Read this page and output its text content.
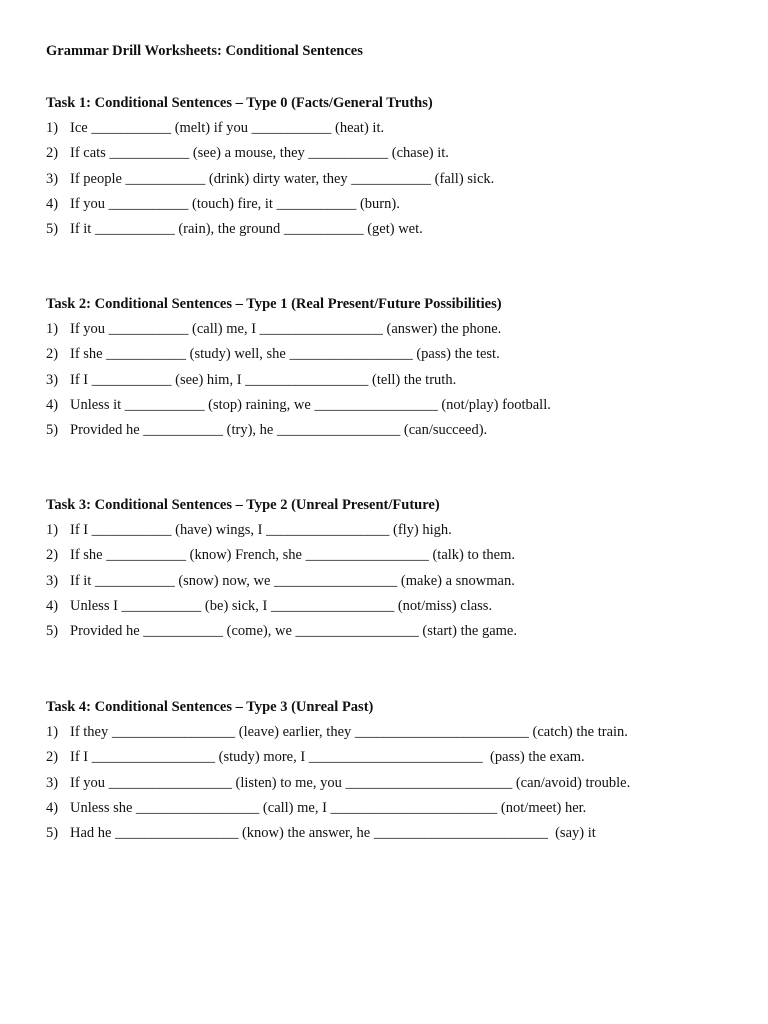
Grammar Drill Worksheets: Conditional Sentences
Task 1: Conditional Sentences – Type 0 (Facts/General Truths)
1) Ice ___________ (melt) if you ___________ (heat) it.
2) If cats ___________ (see) a mouse, they ___________ (chase) it.
3) If people ___________ (drink) dirty water, they ___________ (fall) sick.
4) If you ___________ (touch) fire, it ___________ (burn).
5) If it ___________ (rain), the ground ___________ (get) wet.
Task 2: Conditional Sentences – Type 1 (Real Present/Future Possibilities)
1) If you ___________ (call) me, I _________________ (answer) the phone.
2) If she ___________ (study) well, she _________________ (pass) the test.
3) If I ___________ (see) him, I _________________ (tell) the truth.
4) Unless it ___________ (stop) raining, we _________________ (not/play) football.
5) Provided he ___________ (try), he _________________ (can/succeed).
Task 3: Conditional Sentences – Type 2 (Unreal Present/Future)
1) If I ___________ (have) wings, I _________________ (fly) high.
2) If she ___________ (know) French, she _________________ (talk) to them.
3) If it ___________ (snow) now, we _________________ (make) a snowman.
4) Unless I ___________ (be) sick, I _________________ (not/miss) class.
5) Provided he ___________ (come), we _________________ (start) the game.
Task 4: Conditional Sentences – Type 3 (Unreal Past)
1) If they _________________ (leave) earlier, they ________________________ (catch) the train.
2) If I _________________ (study) more, I ________________________  (pass) the exam.
3) If you _________________ (listen) to me, you _______________________ (can/avoid) trouble.
4) Unless she _________________ (call) me, I _______________________ (not/meet) her.
5) Had he _________________ (know) the answer, he ________________________  (say) it
